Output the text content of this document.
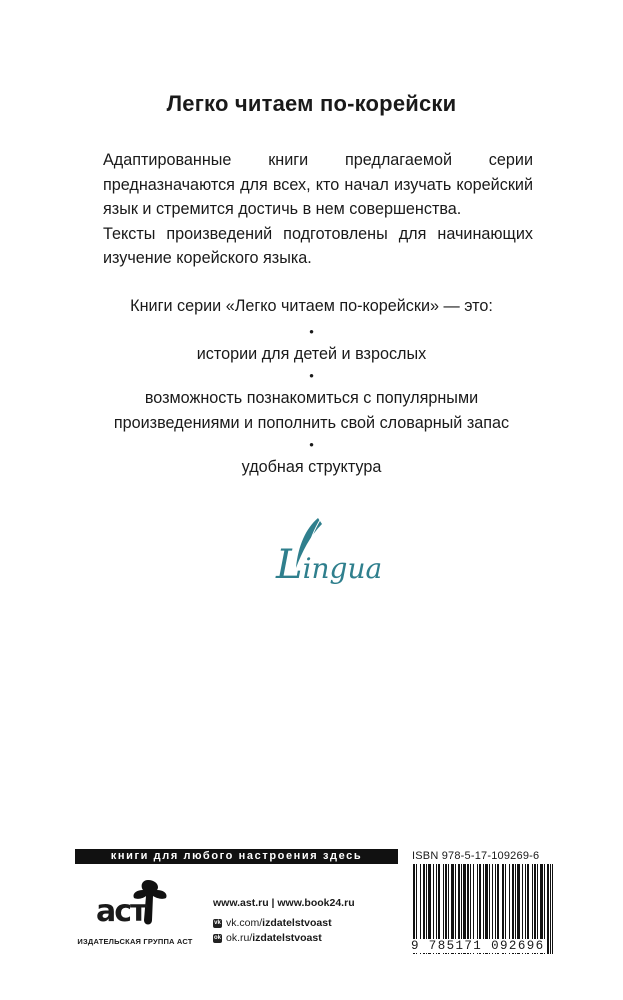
Легко читаем по-корейски

Адаптированные книги предлагаемой серии предназначаются для всех, кто начал изучать корейский язык и стремится достичь в нем совершенства.

Тексты произведений подготовлены для начинающих изучение корейского языка.

Книги серии «Легко читаем по-корейски» — это:
•
истории для детей и взрослых
•
возможность познакомиться с популярными произведениями и пополнить свой словарный запас
•
удобная структура
Lingua
книги для любого настроения здесь
аст
ИЗДАТЕЛЬСКАЯ ГРУППА АСТ
www.ast.ru | www.book24.ru
vk vk.com/ izdatelstvoast
ok ok.ru/ izdatelstvoast
ISBN 978-5-17-109269-6
9 785171 092696
